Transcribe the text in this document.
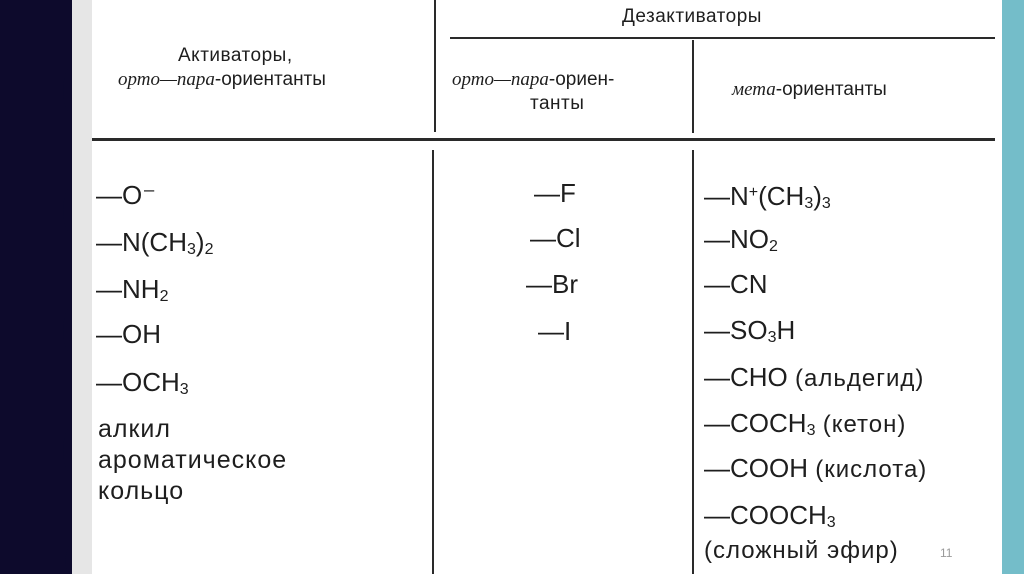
Дезактиваторы
Активаторы,
орто—пара-ориентанты	орто—пара-ориен-
танты
мета-ориентанты
—O⁻
$—N(CH_3)_2$
$—NH_2$
—OH
$—OCH_3$
алкил
ароматическое
кольцо
—F
—Cl
—Br
—I
$—N^+(CH_3)_3$
$—NO_2$
—CN
$—SO_3H$
—CHO (альдегид)
$—COCH_3$ (кетон)
—COOH (кислота)
$—COOCH_3$
(сложный эфир)	11
